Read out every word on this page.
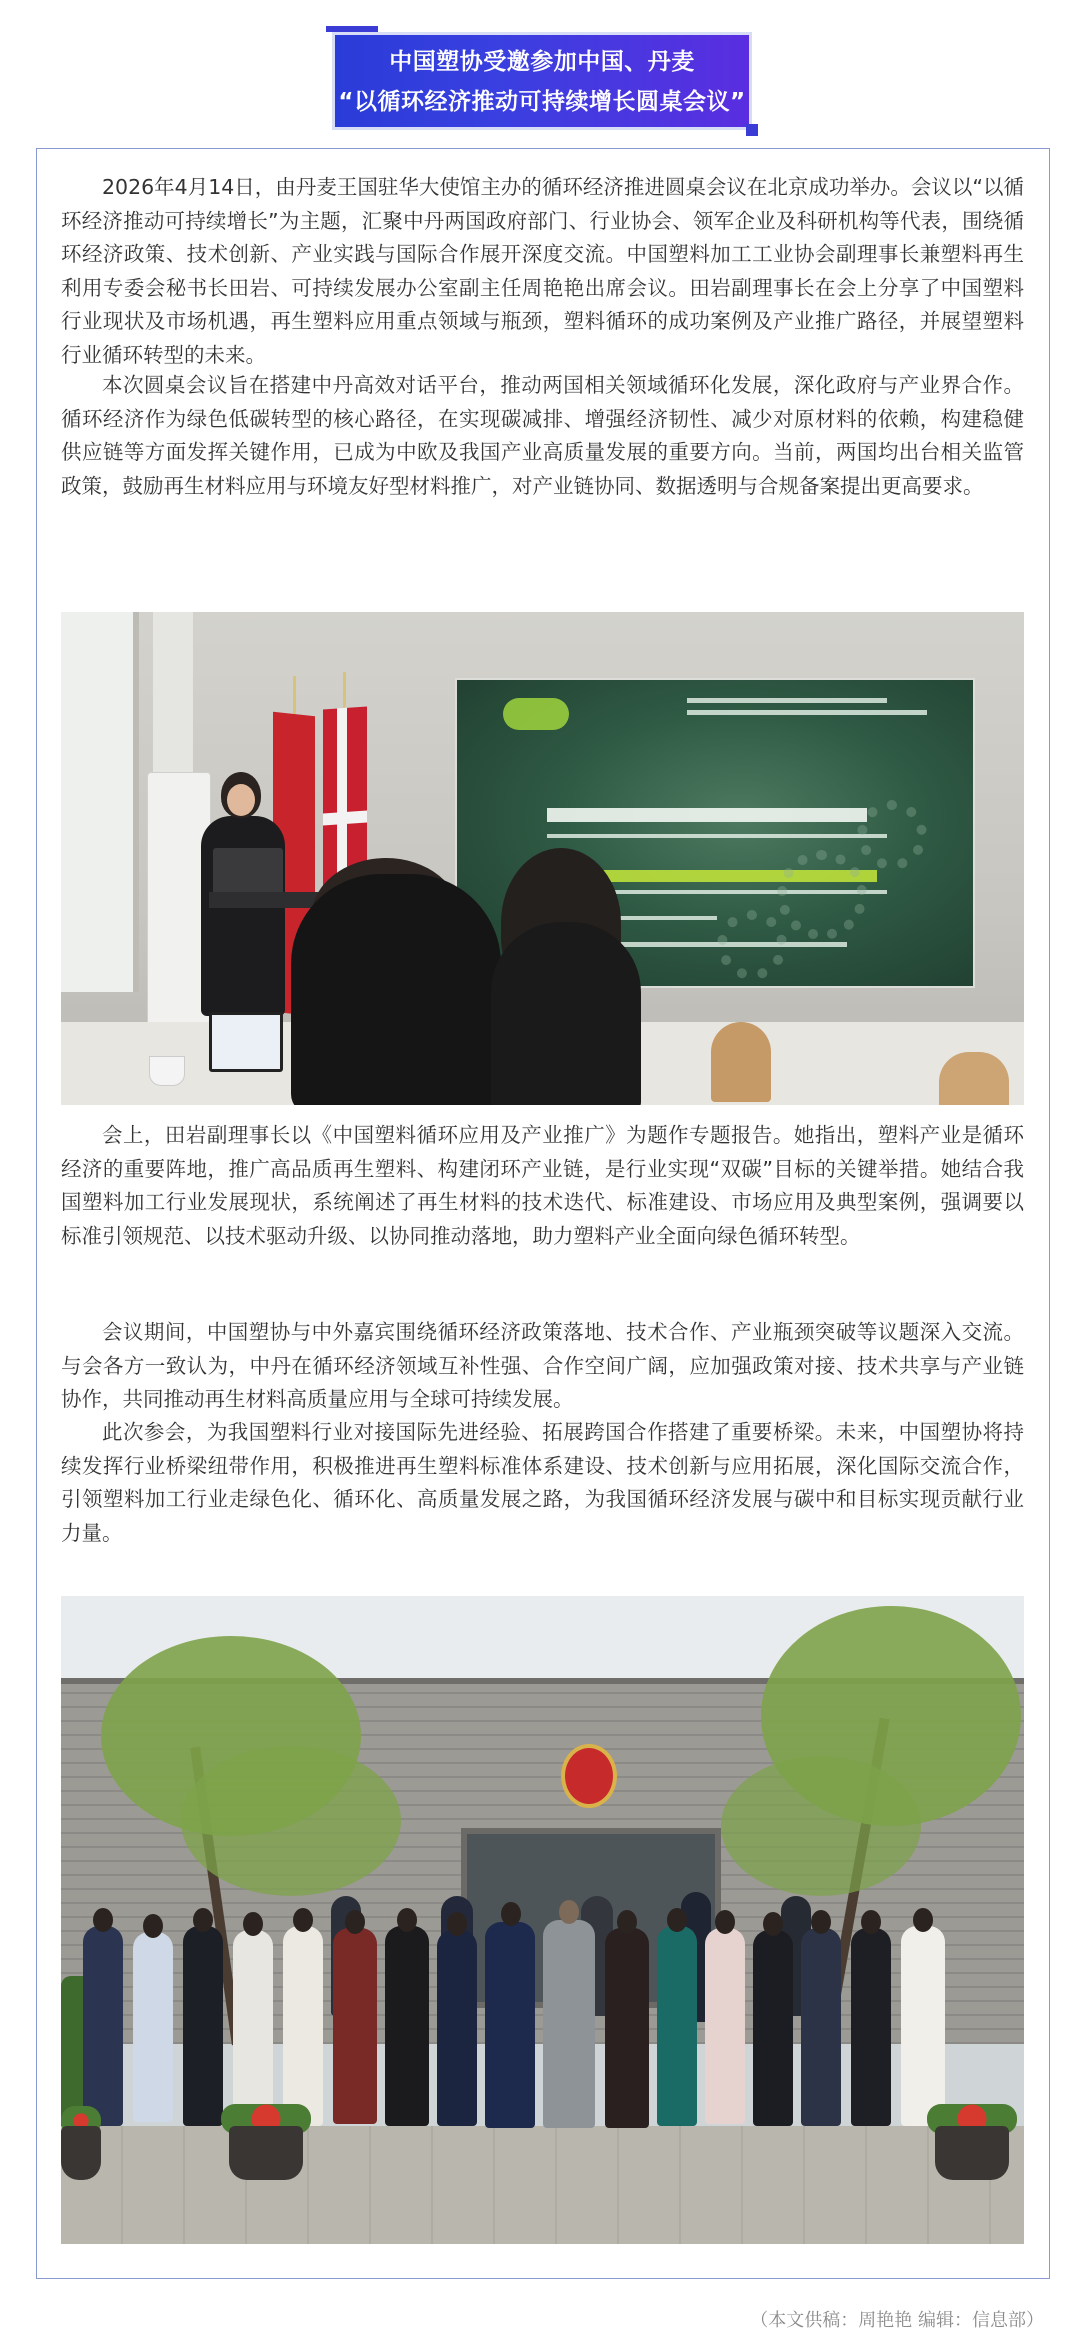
中国塑协受邀参加中国、丹麦
“以循环经济推动可持续增长圆桌会议”

2026年4月14日，由丹麦王国驻华大使馆主办的循环经济推进圆桌会议在北京成功举办。会议以“以循环经济推动可持续增长”为主题，汇聚中丹两国政府部门、行业协会、领军企业及科研机构等代表，围绕循环经济政策、技术创新、产业实践与国际合作展开深度交流。中国塑料加工工业协会副理事长兼塑料再生利用专委会秘书长田岩、可持续发展办公室副主任周艳艳出席会议。田岩副理事长在会上分享了中国塑料行业现状及市场机遇，再生塑料应用重点领域与瓶颈，塑料循环的成功案例及产业推广路径，并展望塑料行业循环转型的未来。

本次圆桌会议旨在搭建中丹高效对话平台，推动两国相关领域循环化发展，深化政府与产业界合作。循环经济作为绿色低碳转型的核心路径，在实现碳减排、增强经济韧性、减少对原材料的依赖，构建稳健供应链等方面发挥关键作用，已成为中欧及我国产业高质量发展的重要方向。当前，两国均出台相关监管政策，鼓励再生材料应用与环境友好型材料推广，对产业链协同、数据透明与合规备案提出更高要求。

会上，田岩副理事长以《中国塑料循环应用及产业推广》为题作专题报告。她指出，塑料产业是循环经济的重要阵地，推广高品质再生塑料、构建闭环产业链，是行业实现“双碳”目标的关键举措。她结合我国塑料加工行业发展现状，系统阐述了再生材料的技术迭代、标准建设、市场应用及典型案例，强调要以标准引领规范、以技术驱动升级、以协同推动落地，助力塑料产业全面向绿色循环转型。

会议期间，中国塑协与中外嘉宾围绕循环经济政策落地、技术合作、产业瓶颈突破等议题深入交流。与会各方一致认为，中丹在循环经济领域互补性强、合作空间广阔，应加强政策对接、技术共享与产业链协作，共同推动再生材料高质量应用与全球可持续发展。

此次参会，为我国塑料行业对接国际先进经验、拓展跨国合作搭建了重要桥梁。未来，中国塑协将持续发挥行业桥梁纽带作用，积极推进再生塑料标准体系建设、技术创新与应用拓展，深化国际交流合作，引领塑料加工行业走绿色化、循环化、高质量发展之路，为我国循环经济发展与碳中和目标实现贡献行业力量。

（本文供稿：周艳艳 编辑：信息部）
